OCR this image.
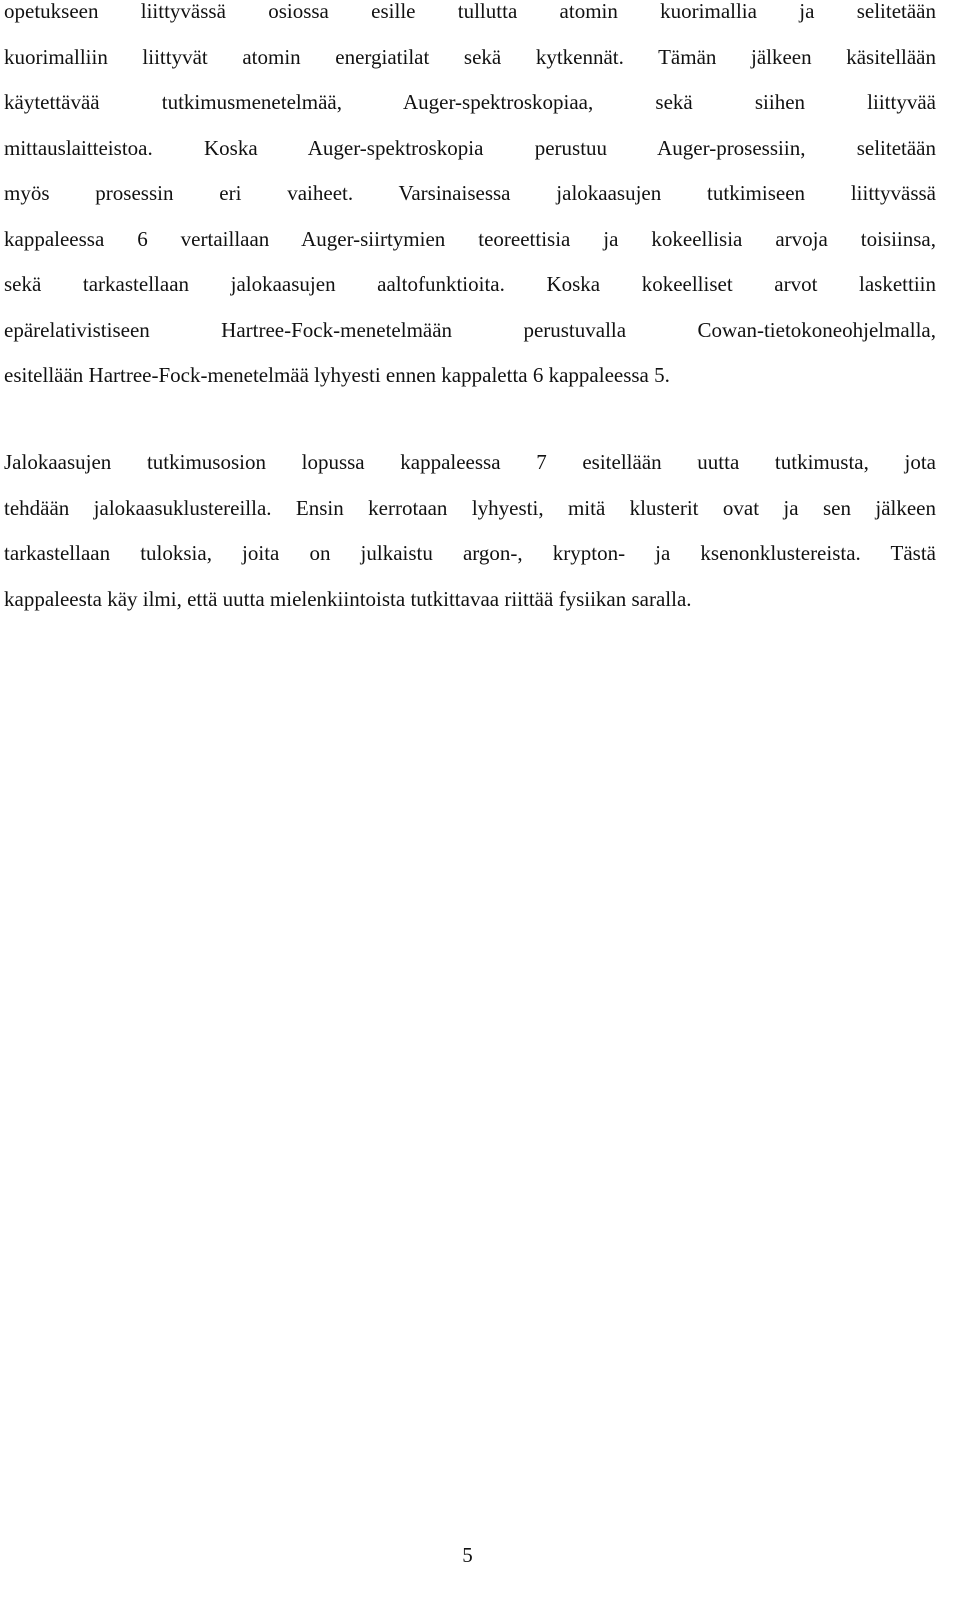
opetukseen liittyvässä osiossa esille tullutta atomin kuorimallia ja selitetään
kuorimalliin liittyvät atomin energiatilat sekä kytkennät. Tämän jälkeen käsitellään
käytettävää tutkimusmenetelmää, Auger-spektroskopiaa, sekä siihen liittyvää
mittauslaitteistoa. Koska Auger-spektroskopia perustuu Auger-prosessiin, selitetään
myös prosessin eri vaiheet. Varsinaisessa jalokaasujen tutkimiseen liittyvässä
kappaleessa 6 vertaillaan Auger-siirtymien teoreettisia ja kokeellisia arvoja toisiinsa,
sekä tarkastellaan jalokaasujen aaltofunktioita. Koska kokeelliset arvot laskettiin
epärelativistiseen Hartree-Fock-menetelmään perustuvalla Cowan-tietokoneohjelmalla,
esitellään Hartree-Fock-menetelmää lyhyesti ennen kappaletta 6 kappaleessa 5.

Jalokaasujen tutkimusosion lopussa kappaleessa 7 esitellään uutta tutkimusta, jota
tehdään jalokaasuklustereilla. Ensin kerrotaan lyhyesti, mitä klusterit ovat ja sen jälkeen
tarkastellaan tuloksia, joita on julkaistu argon-, krypton- ja ksenonklustereista. Tästä
kappaleesta käy ilmi, että uutta mielenkiintoista tutkittavaa riittää fysiikan saralla.

5
